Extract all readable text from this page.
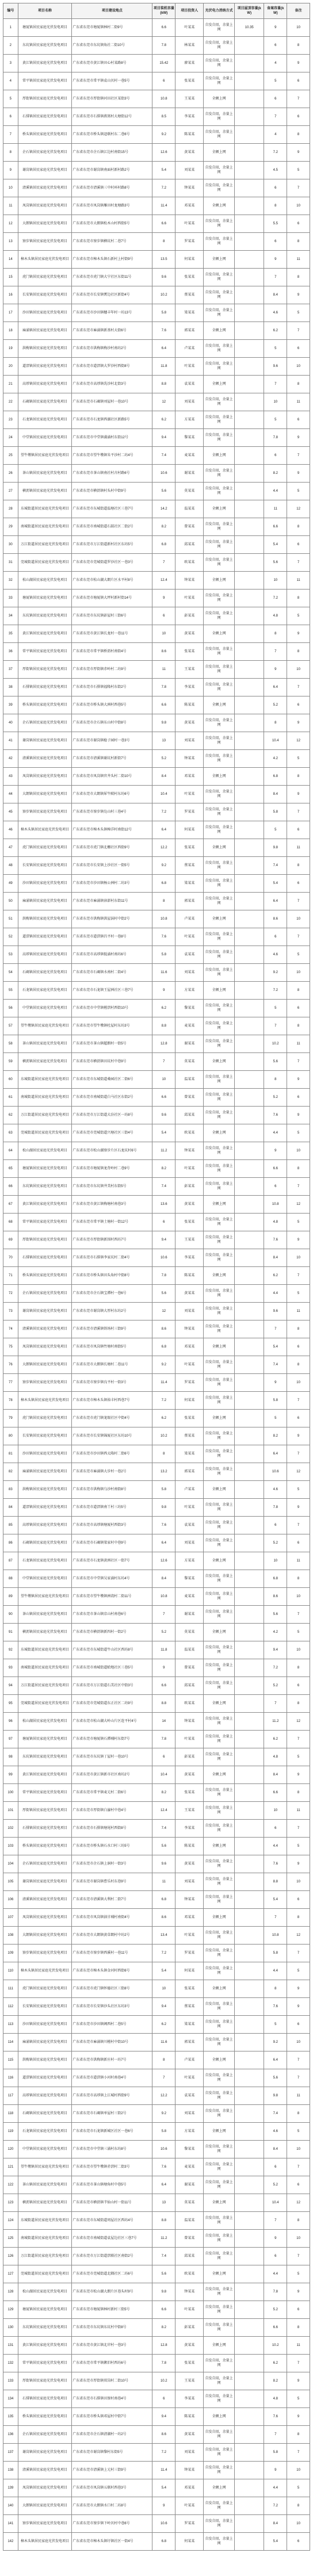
编号	项目名称	项目建设地点	项目装机容量(kW)	项目投资人	光伏电力消纳方式	项目屋顶容量(kW)	备案容量(kW)	备注
1	塘厦镇居民家庭光伏发电项目	广东省东莞市塘厦镇林村二街9号	6.6	叶某某	自发自用，余量上网	10.35	9	10
2	东坑镇居民家庭光伏发电项目	广东省东莞市东坑镇角社二街10号	7.8	林某某	自发自用，余量上网		6	8
3	黄江镇居民家庭光伏发电项目	广东省东莞市黄江镇田心村某路8号	15.42	廖某某	自发自用，余量上网		4	9
4	常平镇居民家庭光伏发电项目	广东省东莞市常平镇袁山贝村一巷5号	6	张某某	自发自用，余量上网		5	6
5	厚街镇居民家庭光伏发电项目	广东省东莞市厚街镇河田社区某街3号	10.8	王某某	全额上网		6	7
6	石排镇居民家庭光伏发电项目	广东省东莞市石排镇燕窝村大塘街12号	8.5	李某某	自发自用，余量上网		7	6
7	桥头镇居民家庭光伏发电项目	广东省东莞市桥头镇迳联村东二巷6号	9.2	陈某某	自发自用，余量上网		4	8
8	企石镇居民家庭光伏发电项目	广东省东莞市企石镇江边村南街15号	12.6	黄某某	全额上网		7.2	9
9	谢岗镇居民家庭光伏发电项目	广东省东莞市谢岗镇南面村新村路2号	5.4	刘某某	自发自用，余量上网		4.5	5
10	清溪镇居民家庭光伏发电项目	广东省东莞市清溪镇三中村环村路8号	7.2	钟某某	自发自用，余量上网		6	7
11	凤岗镇居民家庭光伏发电项目	广东省东莞市凤岗镇雁田村龙塘路3号	11.4	邓某某	全额上网		8	10
12	大朗镇居民家庭光伏发电项目	广东省东莞市大朗镇松木山村西街5号	6.6	叶某某	自发自用，余量上网		5.5	6
13	寮步镇居民家庭光伏发电项目	广东省东莞市寮步镇横坑村二巷7号	8	罗某某	自发自用，余量上网		6	8
14	樟木头镇居民家庭光伏发电项目	广东省东莞市樟木头镇石新村上村街9号	13.5	何某某	全额上网		9	11
15	虎门镇居民家庭光伏发电项目	广东省东莞市虎门镇大宁社区东街11号	9.6	张某某	自发自用，余量上网		7	8
16	长安镇居民家庭光伏发电项目	广东省东莞市长安镇霄边社区新街4号	10.2	蔡某某	自发自用，余量上网		8.4	9
17	沙田镇居民家庭光伏发电项目	广东省东莞市沙田镇穗丰年村一坊13号	5.8	梁某某	自发自用，余量上网		4.6	5
18	麻涌镇居民家庭光伏发电项目	广东省东莞市麻涌镇新基村大街6号	7.6	郭某某	全额上网		6.2	7
19	洪梅镇居民家庭光伏发电项目	广东省东莞市洪梅镇梅沙村南坊2号	6.4	卢某某	自发自用，余量上网		5	6
20	道滘镇居民家庭光伏发电项目	广东省东莞市道滘镇大罗沙村西街8号	11.8	叶某某	自发自用，余量上网		9.6	10
21	高埗镇居民家庭光伏发电项目	广东省东莞市高埗镇冼沙村北街3号	8.8	袁某某	全额上网		7	8
22	石碣镇居民家庭光伏发电项目	广东省东莞市石碣镇刘屋村一巷10号	12	刘某某	自发自用，余量上网		10	11
23	石龙镇居民家庭光伏发电项目	广东省东莞市石龙镇西湖社区新路5号	6.2	方某某	自发自用，余量上网		5	6
24	中堂镇居民家庭光伏发电项目	广东省东莞市中堂镇潢涌村东街12号	9.4	黎某某	自发自用，余量上网		7.8	9
25	望牛墩镇居民家庭光伏发电项目	广东省东莞市望牛墩镇朱平沙村二坊4号	7.4	麦某某	全额上网		6	7
26	茶山镇居民家庭光伏发电项目	广东省东莞市茶山镇南社村古村路6号	10.6	谢某某	自发自用，余量上网		8.2	9
27	横沥镇居民家庭光伏发电项目	广东省东莞市横沥镇村头村中街9号	5.6	莫某某	自发自用，余量上网		4.4	5
28	东城街道居民家庭光伏发电项目	广东省东莞市东城街道温塘社区三巷7号	14.2	温某某	全额上网		11	12
29	南城街道居民家庭光伏发电项目	广东省东莞市南城街道石鼓社区二街2号	8.2	曾某某	自发自用，余量上网		6.6	8
30	万江街道居民家庭光伏发电项目	广东省东莞市万江街道新村社区东坊5号	6.8	邱某某	自发自用，余量上网		5.4	6
31	莞城街道居民家庭光伏发电项目	广东省东莞市莞城街道罗沙社区一巷3号	7	欧某某	自发自用，余量上网		5.6	7
32	松山湖居民家庭光伏发电项目	广东省东莞市松山湖大朗片区水平村8号	12.4	钟某某	全额上网		10	11
33	塘厦镇居民家庭光伏发电项目	广东省东莞市塘厦镇大坪村新村街14号	9	叶某某	自发自用，余量上网		7.2	8
34	东坑镇居民家庭光伏发电项目	广东省东莞市东坑镇彭屋村三街6号	6	彭某某	自发自用，余量上网		4.8	5
35	黄江镇居民家庭光伏发电项目	广东省东莞市黄江镇长龙村一巷11号	10	黄某某	全额上网		8	9
36	常平镇居民家庭光伏发电项目	广东省东莞市常平镇桥沥村南街4号	8.6	张某某	自发自用，余量上网		7	8
37	厚街镇居民家庭光伏发电项目	广东省东莞市厚街镇赤岭村二坊9号	11	王某某	自发自用，余量上网		9	10
38	石排镇居民家庭光伏发电项目	广东省东莞市石排镇福隆村东街2号	7.8	李某某	自发自用，余量上网		6.4	7
39	桥头镇居民家庭光伏发电项目	广东省东莞市桥头镇大洲村西巷5号	6.6	陈某某	全额上网		5.2	6
40	企石镇居民家庭光伏发电项目	广东省东莞市企石镇东山村中街8号	9.8	黄某某	自发自用，余量上网		8	9
41	谢岗镇居民家庭光伏发电项目	广东省东莞市谢岗镇稔子园村一巷3号	13	刘某某	自发自用，余量上网		10.4	12
42	清溪镇居民家庭光伏发电项目	广东省东莞市清溪镇谢坑村新街7号	5.2	钟某某	自发自用，余量上网		4.2	5
43	凤岗镇居民家庭光伏发电项目	广东省东莞市凤岗镇官井头村二街10号	8.4	邓某某	全额上网		6.8	8
44	大朗镇居民家庭光伏发电项目	广东省东莞市大朗镇犀牛陂村东坊6号	10.4	叶某某	自发自用，余量上网		8.4	9
45	寮步镇居民家庭光伏发电项目	广东省东莞市寮步镇凫山村三巷4号	7.2	罗某某	自发自用，余量上网		5.8	7
46	樟木头镇居民家庭光伏发电项目	广东省东莞市樟木头镇樟洋村南街12号	6.4	何某某	自发自用，余量上网		5	6
47	虎门镇居民家庭光伏发电项目	广东省东莞市虎门镇北栅社区西街9号	12.2	张某某	全额上网		9.8	11
48	长安镇居民家庭光伏发电项目	广东省东莞市长安镇上沙社区一街5号	9.2	蔡某某	自发自用，余量上网		7.4	8
49	沙田镇居民家庭光伏发电项目	广东省东莞市沙田镇杨公洲村二坊3号	6.8	梁某某	自发自用，余量上网		5.4	6
50	麻涌镇居民家庭光伏发电项目	广东省东莞市麻涌镇漳澎村东街11号	8	郭某某	自发自用，余量上网		6.4	7
51	洪梅镇居民家庭光伏发电项目	广东省东莞市洪梅镇洪屋涡村中街2号	10.8	卢某某	全额上网		8.6	10
52	道滘镇居民家庭光伏发电项目	广东省东莞市道滘镇昌平村一巷8号	7.6	叶某某	自发自用，余量上网		6	7
53	高埗镇居民家庭光伏发电项目	广东省东莞市高埗镇低涌村南坊6号	5.8	袁某某	自发自用，余量上网		4.6	5
54	石碣镇居民家庭光伏发电项目	广东省东莞市石碣镇水南村二街4号	11.6	刘某某	自发自用，余量上网		9.2	10
55	石龙镇居民家庭光伏发电项目	广东省东莞市石龙镇王屋洲社区三巷7号	9	方某某	全额上网		7.2	8
56	中堂镇居民家庭光伏发电项目	广东省东莞市中堂镇槎滘村西街10号	6.2	黎某某	自发自用，余量上网		5	6
57	望牛墩镇居民家庭光伏发电项目	广东省东莞市望牛墩镇杜屋村东坊3号	8.8	麦某某	自发自用，余量上网		7	8
58	茶山镇居民家庭光伏发电项目	广东省东莞市茶山镇超朗村一街5号	12.8	谢某某	自发自用，余量上网		10.2	11
59	横沥镇居民家庭光伏发电项目	广东省东莞市横沥镇田坑村中巷9号	7	莫某某	全额上网		5.6	7
60	东城街道居民家庭光伏发电项目	广东省东莞市东城街道桑园社区二街6号	10	温某某	自发自用，余量上网		8	9
61	南城街道居民家庭光伏发电项目	广东省东莞市南城街道白马社区东街2号	6.6	曾某某	自发自用，余量上网		5.2	6
62	万江街道居民家庭光伏发电项目	广东省东莞市万江街道大汾社区一坊8号	9.6	邱某某	自发自用，余量上网		7.6	9
63	莞城街道居民家庭光伏发电项目	广东省东莞市莞城街道兴塘社区三街4号	5.4	欧某某	全额上网		4.4	5
64	松山湖居民家庭光伏发电项目	广东省东莞市松山湖寮步片区石龙坑村6号	11.2	钟某某	自发自用，余量上网		9	10
65	塘厦镇居民家庭光伏发电项目	广东省东莞市塘厦镇龙背岭村二巷9号	8.2	叶某某	自发自用，余量上网		6.6	8
66	东坑镇居民家庭光伏发电项目	广东省东莞市东坑镇井美村东街5号	7.4	彭某某	自发自用，余量上网		6	7
67	黄江镇居民家庭光伏发电项目	广东省东莞市黄江镇梅塘村南巷3号	13.6	黄某某	全额上网		10.8	12
68	常平镇居民家庭光伏发电项目	广东省东莞市常平镇土塘村一街12号	6	张某某	自发自用，余量上网		4.8	5
69	厚街镇居民家庭光伏发电项目	广东省东莞市厚街镇新围村西坊7号	9.4	王某某	自发自用，余量上网		7.6	9
70	石排镇居民家庭光伏发电项目	广东省东莞市石排镇李家坑村二街4号	10.6	李某某	自发自用，余量上网		8.4	10
71	桥头镇居民家庭光伏发电项目	广东省东莞市桥头镇田头角村中街8号	7.8	陈某某	全额上网		6.2	7
72	企石镇居民家庭光伏发电项目	广东省东莞市企石镇宝潭村一巷6号	5.6	黄某某	自发自用，余量上网		4.4	5
73	谢岗镇居民家庭光伏发电项目	广东省东莞市谢岗镇大厚村东坊2号	12	刘某某	自发自用，余量上网		9.6	11
74	清溪镇居民家庭光伏发电项目	广东省东莞市清溪镇铁场村三街9号	8.6	钟某某	自发自用，余量上网		7	8
75	凤岗镇居民家庭光伏发电项目	广东省东莞市凤岗镇竹塘村南街5号	6.8	邓某某	全额上网		5.4	6
76	大朗镇居民家庭光伏发电项目	广东省东莞市大朗镇长塘村二巷11号	9.2	叶某某	自发自用，余量上网		7.4	8
77	寮步镇居民家庭光伏发电项目	广东省东莞市寮步镇良平村一街3号	11.4	罗某某	自发自用，余量上网		9	10
78	樟木头镇居民家庭光伏发电项目	广东省东莞市樟木头镇裕丰村西巷7号	7.2	何某某	自发自用，余量上网		5.8	7
79	虎门镇居民家庭光伏发电项目	广东省东莞市虎门镇龙眼社区中街4号	6.2	张某某	全额上网		5	6
80	长安镇居民家庭光伏发电项目	广东省东莞市长安镇锦厦社区东坊10号	10.2	蔡某某	自发自用，余量上网		8.2	9
81	沙田镇居民家庭光伏发电项目	广东省东莞市沙田镇西太隆村二街6号	8	梁某某	自发自用，余量上网		6.4	7
82	麻涌镇居民家庭光伏发电项目	广东省东莞市麻涌镇大步村一巷2号	13.2	郭某某	自发自用，余量上网		10.6	12
83	洪梅镇居民家庭光伏发电项目	广东省东莞市洪梅镇乌沙村南街8号	5.8	卢某某	全额上网		4.6	5
84	道滘镇居民家庭光伏发电项目	广东省东莞市道滘镇南丫村三坊5号	9.8	叶某某	自发自用，余量上网		7.8	9
85	高埗镇居民家庭光伏发电项目	广东省东莞市高埗镇塘厦村西街3号	7.6	袁某某	自发自用，余量上网		6	7
86	石碣镇居民家庭光伏发电项目	广东省东莞市石碣镇梁家村中巷9号	6.4	刘某某	自发自用，余量上网		5.2	6
87	石龙镇居民家庭光伏发电项目	广东省东莞市石龙镇黄洲社区一街7号	12.6	方某某	全额上网		10	11
88	中堂镇居民家庭光伏发电项目	广东省东莞市中堂镇吴家涌村东坊4号	8.4	黎某某	自发自用，余量上网		6.8	8
89	望牛墩镇居民家庭光伏发电项目	广东省东莞市望牛墩镇洲湾村二街11号	10.8	麦某某	自发自用，余量上网		8.6	10
90	茶山镇居民家庭光伏发电项目	广东省东莞市茶山镇京山村南巷6号	7	谢某某	自发自用，余量上网		5.6	7
91	横沥镇居民家庭光伏发电项目	广东省东莞市横沥镇新四村一街2号	5.2	莫某某	全额上网		4.2	5
92	东城街道居民家庭光伏发电项目	广东省东莞市东城街道牛山社区西坊8号	11.8	温某某	自发自用，余量上网		9.4	10
93	南城街道居民家庭光伏发电项目	广东省东莞市南城街道蛤地社区三巷5号	9	曾某某	自发自用，余量上网		7.2	8
94	万江街道居民家庭光伏发电项目	广东省东莞市万江街道石美社区中街3号	6.6	邱某某	自发自用，余量上网		5.2	6
95	莞城街道居民家庭光伏发电项目	广东省东莞市莞城街道东正社区二坊9号	8.8	欧某某	全额上网		7	8
96	松山湖居民家庭光伏发电项目	广东省东莞市松山湖大岭山片区连平村4号	14	钟某某	自发自用，余量上网		11.2	12
97	塘厦镇居民家庭光伏发电项目	广东省东莞市塘厦镇石潭埔村东街7号	7.8	叶某某	自发自用，余量上网		6.2	7
98	东坑镇居民家庭光伏发电项目	广东省东莞市东坑镇丁屋村一巷10号	6	彭某某	自发自用，余量上网		4.8	5
99	黄江镇居民家庭光伏发电项目	广东省东莞市黄江镇新市社区南坊2号	10.4	黄某某	全额上网		8.4	9
100	常平镇居民家庭光伏发电项目	广东省东莞市常平镇麦元村二街6号	8.2	张某某	自发自用，余量上网		6.6	8
101	厚街镇居民家庭光伏发电项目	广东省东莞市厚街镇白濠村中巷4号	12.4	王某某	自发自用，余量上网		10	11
102	石排镇居民家庭光伏发电项目	广东省东莞市石排镇塘尾村西街8号	7.4	李某某	自发自用，余量上网		6	7
103	桥头镇居民家庭光伏发电项目	广东省东莞市桥头镇石水口村三坊5号	5.6	陈某某	全额上网		4.4	5
104	企石镇居民家庭光伏发电项目	广东省东莞市企石镇上洞村一街3号	9.6	黄某某	自发自用，余量上网		7.6	9
105	谢岗镇居民家庭光伏发电项目	广东省东莞市谢岗镇曹乐村东巷9号	11	刘某某	自发自用，余量上网		8.8	10
106	清溪镇居民家庭光伏发电项目	广东省东莞市清溪镇大利村二街7号	6.8	钟某某	自发自用，余量上网		5.4	6
107	凤岗镇居民家庭光伏发电项目	广东省东莞市凤岗镇油甘埔村南街4号	8.6	邓某某	全额上网		7	8
108	大朗镇居民家庭光伏发电项目	广东省东莞市大朗镇黄草朗村中坊2号	13.4	叶某某	自发自用，余量上网		10.8	12
109	寮步镇居民家庭光伏发电项目	广东省东莞市寮步镇西溪村一巷11号	7.2	罗某某	自发自用，余量上网		5.8	7
110	樟木头镇居民家庭光伏发电项目	广东省东莞市樟木头镇金河村西街6号	5.4	何某某	自发自用，余量上网		4.4	5
111	虎门镇居民家庭光伏发电项目	广东省东莞市虎门镇怀德社区三街8号	10	张某某	全额上网		8	9
112	长安镇居民家庭光伏发电项目	广东省东莞市长安镇沙头社区东坊3号	9.4	蔡某某	自发自用，余量上网		7.6	9
113	沙田镇居民家庭光伏发电项目	广东省东莞市沙田镇阇西村二巷5号	6.2	梁某某	自发自用，余量上网		5	6
114	麻涌镇居民家庭光伏发电项目	广东省东莞市麻涌镇川槎村中街10号	11.6	郭某某	自发自用，余量上网		9.2	10
115	洪梅镇居民家庭光伏发电项目	广东省东莞市洪梅镇新庄村一坊7号	8	卢某某	全额上网		6.4	7
116	道滘镇居民家庭光伏发电项目	广东省东莞市道滘镇小河村南巷4号	7	叶某某	自发自用，余量上网		5.6	7
117	高埗镇居民家庭光伏发电项目	广东省东莞市高埗镇上江城村西街9号	12.2	袁某某	自发自用，余量上网		9.8	11
118	石碣镇居民家庭光伏发电项目	广东省东莞市石碣镇单屋村三街2号	9.2	刘某某	自发自用，余量上网		7.4	8
119	石龙镇居民家庭光伏发电项目	广东省东莞市石龙镇新城区社区一巷6号	5.8	方某某	全额上网		4.6	5
120	中堂镇居民家庭光伏发电项目	广东省东莞市中堂镇三涌村东坊8号	10.6	黎某某	自发自用，余量上网		8.4	10
121	望牛墩镇居民家庭光伏发电项目	广东省东莞市望牛墩镇赤滘村二街3号	7.6	麦某某	自发自用，余量上网		6	7
122	茶山镇居民家庭光伏发电项目	广东省东莞市茶山镇塘角村中巷5号	6.4	谢某某	自发自用，余量上网		5.2	6
123	横沥镇居民家庭光伏发电项目	广东省东莞市横沥镇半仙山村一街11号	13	莫某某	全额上网		10.4	12
124	东城街道居民家庭光伏发电项目	广东省东莞市东城街道周屋社区西坊4号	8.8	温某某	自发自用，余量上网		7	8
125	南城街道居民家庭光伏发电项目	广东省东莞市南城街道袁屋边社区三巷7号	11.2	曾某某	自发自用，余量上网		9	10
126	万江街道居民家庭光伏发电项目	广东省东莞市万江街道滘联社区南街2号	7.4	邱某某	自发自用，余量上网		6	7
127	莞城街道居民家庭光伏发电项目	广东省东莞市莞城街道北隅社区二坊6号	5.6	欧某某	全额上网		4.4	5
128	松山湖居民家庭光伏发电项目	广东省东莞市松山湖大朗片区巷头村9号	9.8	钟某某	自发自用，余量上网		7.8	9
129	塘厦镇居民家庭光伏发电项目	广东省东莞市塘厦镇林村新村三街5号	6.6	叶某某	自发自用，余量上网		5.2	6
130	东坑镇居民家庭光伏发电项目	广东省东莞市东坑镇东坑村中街8号	8.2	彭某某	自发自用，余量上网		6.6	8
131	黄江镇居民家庭光伏发电项目	广东省东莞市黄江镇北岸村一巷3号	12.8	黄某某	全额上网		10.2	11
132	常平镇居民家庭光伏发电项目	广东省东莞市常平镇漱旧村西坊6号	7.8	张某某	自发自用，余量上网		6.2	7
133	厚街镇居民家庭光伏发电项目	广东省东莞市厚街镇双岗村二街10号	10.2	王某某	自发自用，余量上网		8.2	9
134	石排镇居民家庭光伏发电项目	广东省东莞市石排镇田寮村南巷4号	6	李某某	自发自用，余量上网		4.8	5
135	桥头镇居民家庭光伏发电项目	广东省东莞市桥头镇邓屋村中街7号	9.4	陈某某	全额上网		7.6	9
136	企石镇居民家庭光伏发电项目	广东省东莞市企石镇清湖村一坊2号	8.6	黄某某	自发自用，余量上网		7	8
137	谢岗镇居民家庭光伏发电项目	广东省东莞市谢岗镇黎村东街5号	7.2	刘某某	自发自用，余量上网		5.8	7
138	清溪镇居民家庭光伏发电项目	广东省东莞市清溪镇上元村三街9号	11.4	钟某某	自发自用，余量上网		9	10
139	凤岗镇居民家庭光伏发电项目	广东省东莞市凤岗镇五联村西巷3号	5.4	邓某某	全额上网		4.4	5
140	大朗镇居民家庭光伏发电项目	广东省东莞市大朗镇水口村二坊8号	9	叶某某	自发自用，余量上网		7.2	8
141	寮步镇居民家庭光伏发电项目	广东省东莞市寮步镇下岭贝村中巷6号	10.6	罗某某	自发自用，余量上网		8.4	10
142	樟木头镇居民家庭光伏发电项目	广东省东莞市樟木头镇圩镇社区一街4号	6.8	何某某	自发自用，余量上网		5.4	6
